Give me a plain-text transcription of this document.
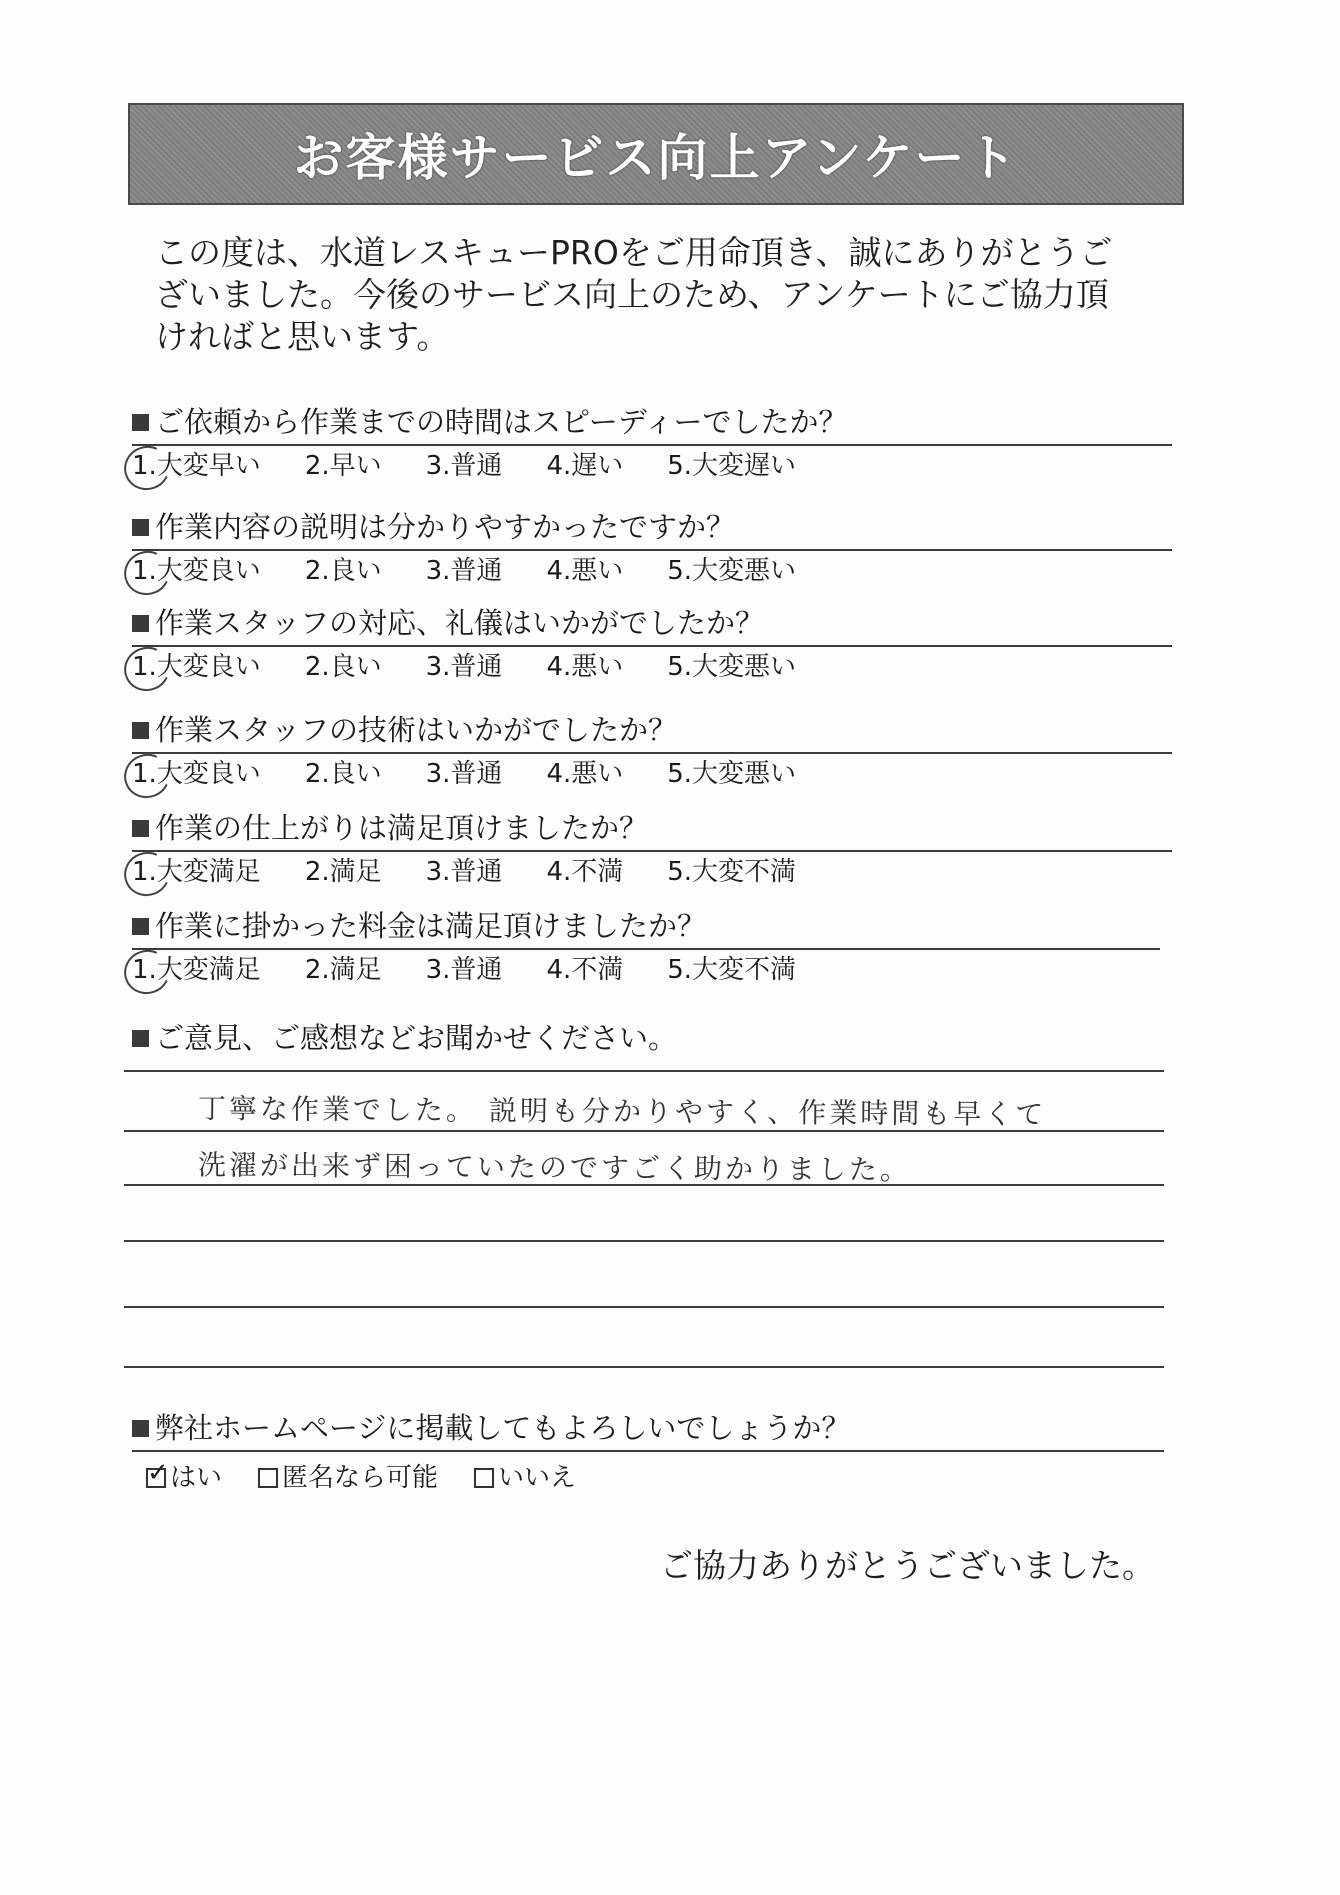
お客様サービス向上アンケート
この度は、水道レスキューPROをご用命頂き、誠にありがとうございました。今後のサービス向上のため、アンケートにご協力頂ければと思います。
ご依頼から作業までの時間はスピーディーでしたか？
1.大変早い 2.早い 3.普通 4.遅い 5.大変遅い
作業内容の説明は分かりやすかったですか？
1.大変良い 2.良い 3.普通 4.悪い 5.大変悪い
作業スタッフの対応、礼儀はいかがでしたか？
1.大変良い 2.良い 3.普通 4.悪い 5.大変悪い
作業スタッフの技術はいかがでしたか？
1.大変良い 2.良い 3.普通 4.悪い 5.大変悪い
作業の仕上がりは満足頂けましたか？
1.大変満足 2.満足 3.普通 4.不満 5.大変不満
作業に掛かった料金は満足頂けましたか？
1.大変満足 2.満足 3.普通 4.不満 5.大変不満
ご意見、ご感想などお聞かせください。
丁寧な作業でした。 説明も分かりやすく、作業時間も早くて
洗濯が出来ず困っていたのですごく助かりました。
弊社ホームページに掲載してもよろしいでしょうか？
✓ はい 匿名なら可能 いいえ
ご協力ありがとうございました。
